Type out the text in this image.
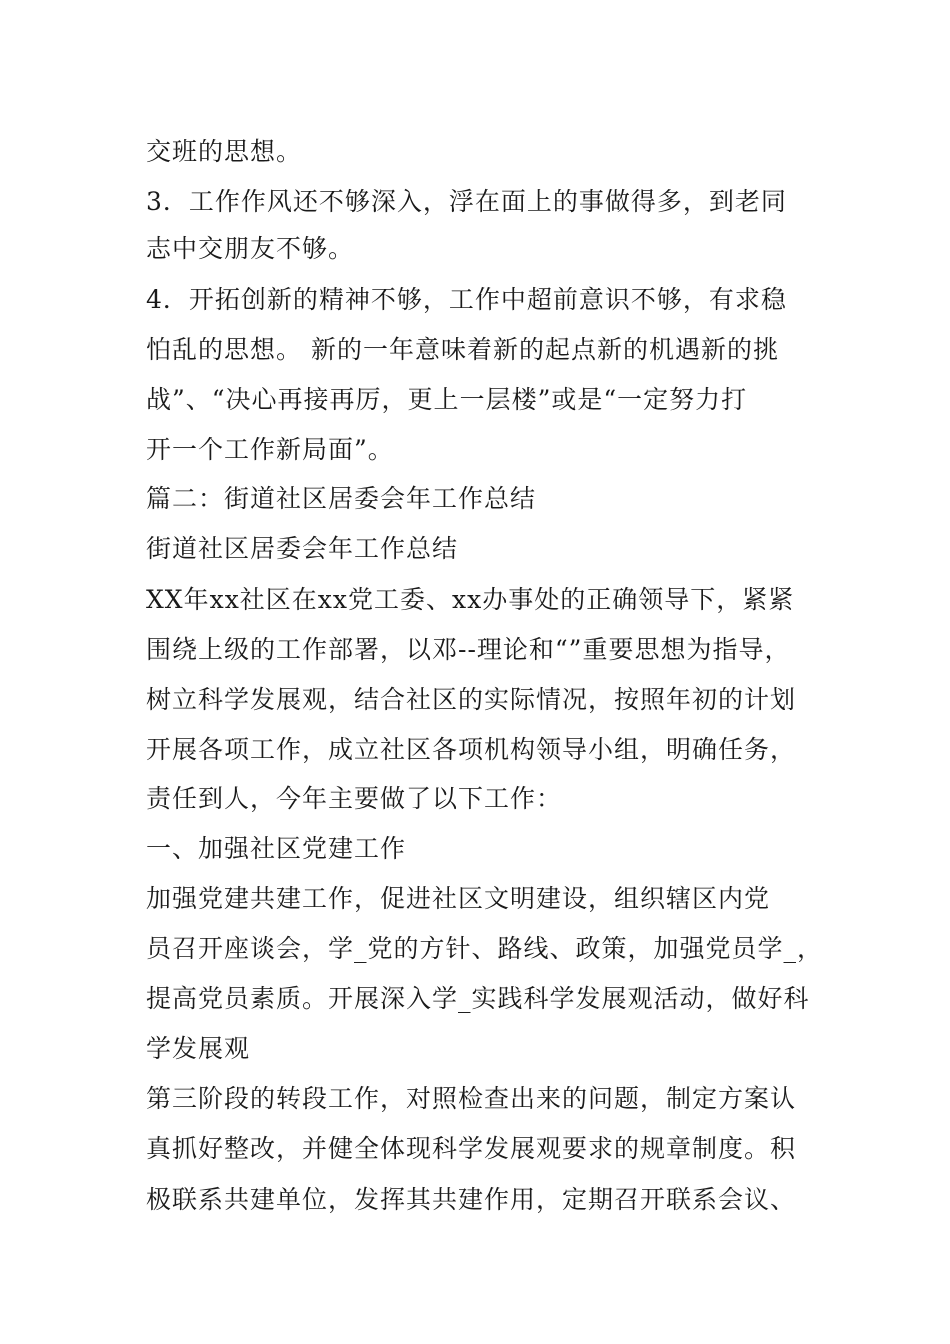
交班的思想。
3．工作作风还不够深入，浮在面上的事做得多，到老同
志中交朋友不够。
4．开拓创新的精神不够，工作中超前意识不够，有求稳
怕乱的思想。 新的一年意味着新的起点新的机遇新的挑
战”、“决心再接再厉，更上一层楼”或是“一定努力打
开一个工作新局面”。
篇二：街道社区居委会年工作总结
街道社区居委会年工作总结
XX年xx社区在xx党工委、xx办事处的正确领导下，紧紧
围绕上级的工作部署，以邓--理论和“”重要思想为指导，
树立科学发展观，结合社区的实际情况，按照年初的计划
开展各项工作，成立社区各项机构领导小组，明确任务，
责任到人，今年主要做了以下工作：
一、加强社区党建工作
加强党建共建工作，促进社区文明建设，组织辖区内党
员召开座谈会，学_党的方针、路线、政策，加强党员学_，
提高党员素质。开展深入学_实践科学发展观活动，做好科
学发展观
第三阶段的转段工作，对照检查出来的问题，制定方案认
真抓好整改，并健全体现科学发展观要求的规章制度。积
极联系共建单位，发挥其共建作用，定期召开联系会议、
